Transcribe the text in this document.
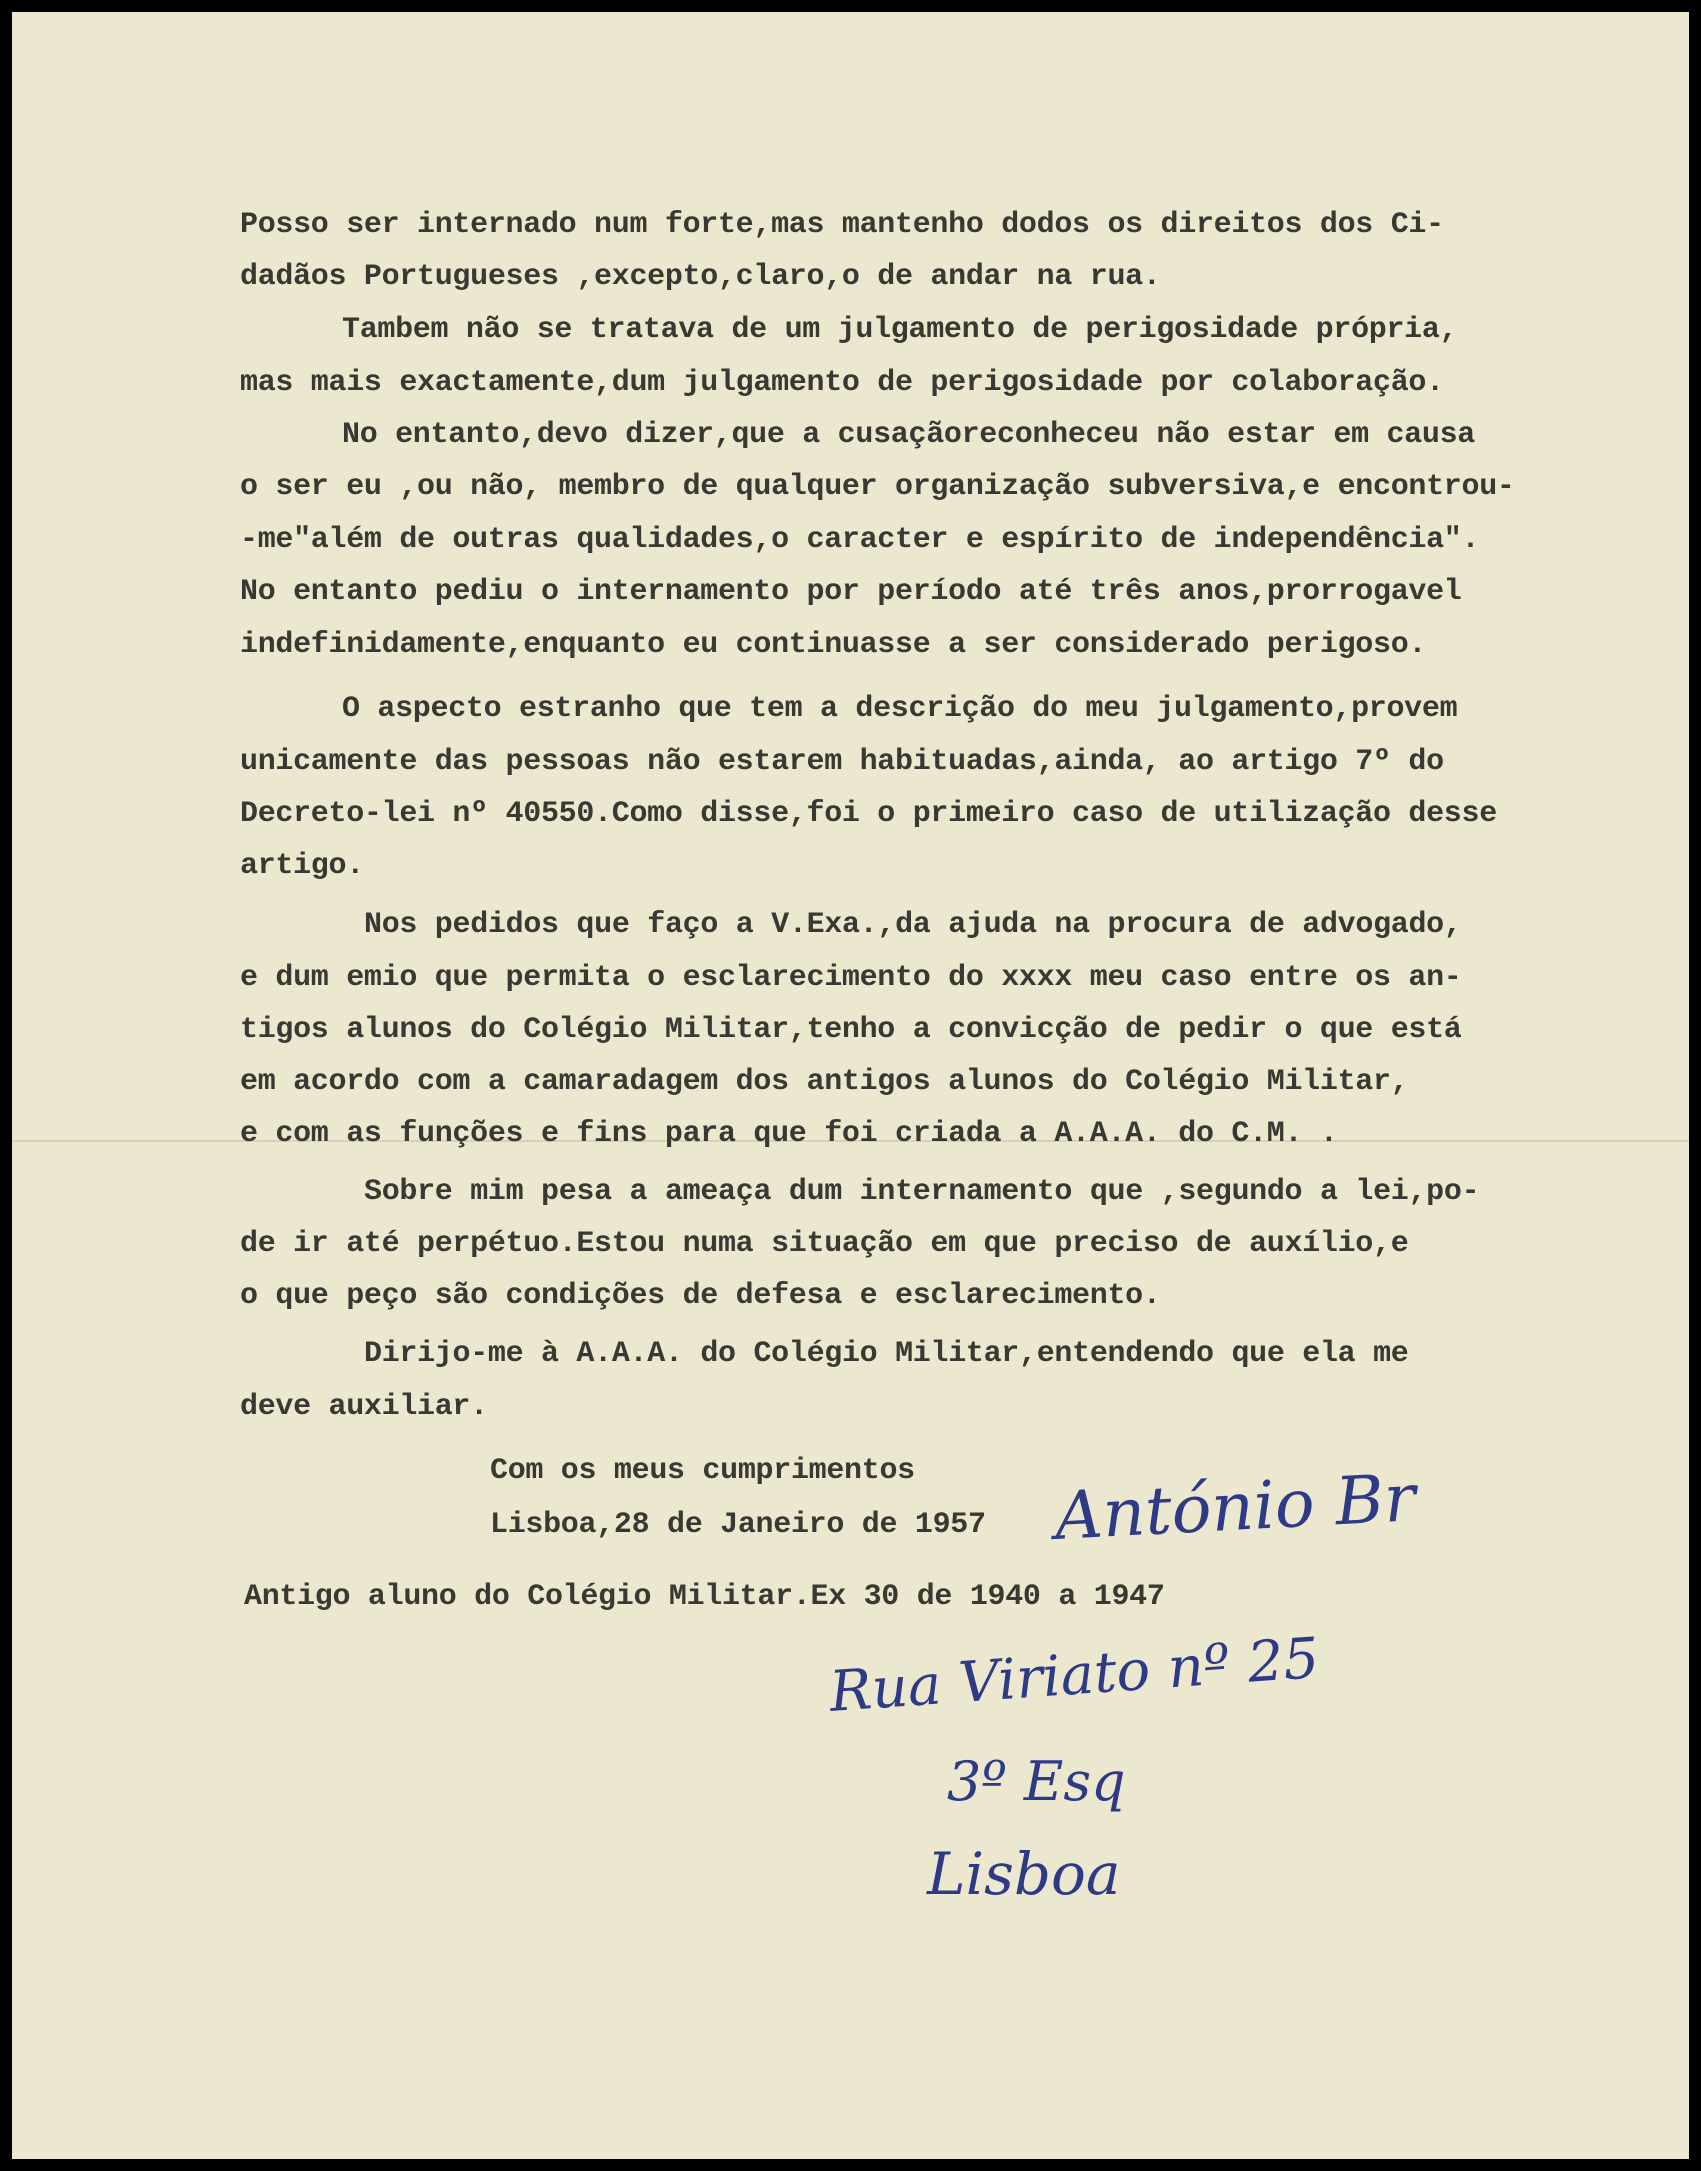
Posso ser internado num forte,mas mantenho dodos os direitos dos Ci-

dadãos Portugueses ,excepto,claro,o de andar na rua.

Tambem não se tratava de um julgamento de perigosidade própria,

mas mais exactamente,dum julgamento de perigosidade por colaboração.

No entanto,devo dizer,que a cusaçãoreconheceu não estar em causa

o ser eu ,ou não, membro de qualquer organização subversiva,e encontrou-

-me"além de outras qualidades,o caracter e espírito de independência".

No entanto pediu o internamento por período até três anos,prorrogavel

indefinidamente,enquanto eu continuasse a ser considerado perigoso.

O aspecto estranho que tem a descrição do meu julgamento,provem

unicamente das pessoas não estarem habituadas,ainda, ao artigo 7º do

Decreto-lei nº 40550.Como disse,foi o primeiro caso de utilização desse

artigo.

Nos pedidos que faço a V.Exa.,da ajuda na procura de advogado,

e dum emio que permita o esclarecimento do xxxx meu caso entre os an-

tigos alunos do Colégio Militar,tenho a convicção de pedir o que está

em acordo com a camaradagem dos antigos alunos do Colégio Militar,

e com as funções e fins para que foi criada a A.A.A. do C.M. .

Sobre mim pesa a ameaça dum internamento que ,segundo a lei,po-

de ir até perpétuo.Estou numa situação em que preciso de auxílio,e

o que peço são condições de defesa e esclarecimento.

Dirijo-me à A.A.A. do Colégio Militar,entendendo que ela me

deve auxiliar.

Com os meus cumprimentos

Lisboa,28 de Janeiro de 1957

Antigo aluno do Colégio Militar.Ex 30 de 1940 a 1947

António Br

Rua Viriato nº 25

3º Esq

Lisboa
